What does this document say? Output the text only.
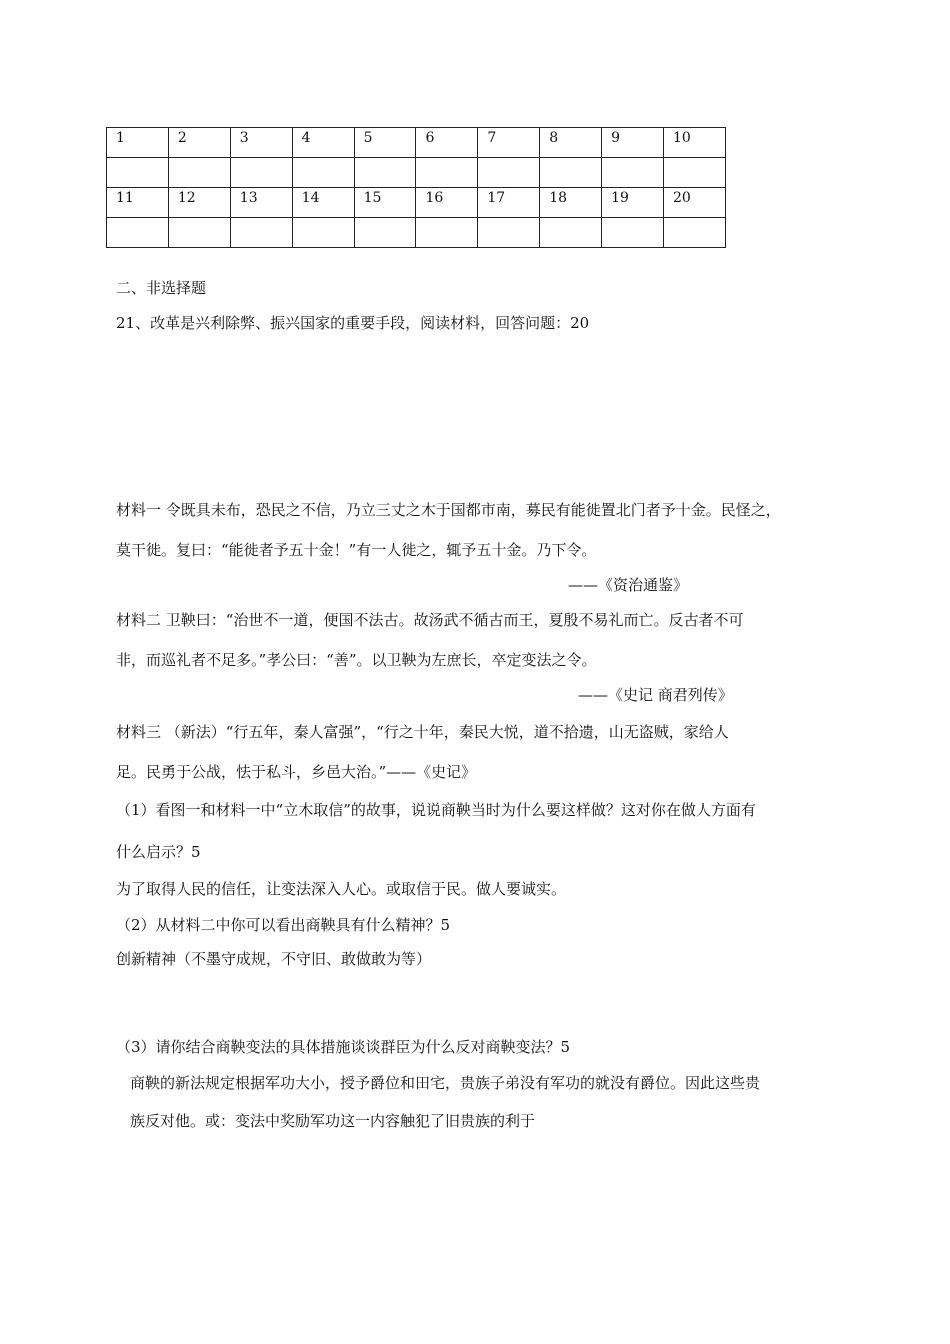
1	2	3	4	5	6	7	8	9	10

11	12	13	14	15	16	17	18	19	20

二、非选择题
21、改革是兴利除弊、振兴国家的重要手段，阅读材料，回答问题：20
材料一 令既具未布，恐民之不信，乃立三丈之木于国都市南，募民有能徙置北门者予十金。民怪之，
莫干徙。复曰：“能徙者予五十金！”有一人徙之，辄予五十金。乃下令。
——《资治通鉴》
材料二 卫鞅曰：“治世不一道，便国不法古。故汤武不循古而王，夏殷不易礼而亡。反古者不可
非，而巡礼者不足多。”孝公曰：“善”。以卫鞅为左庶长，卒定变法之令。
——《史记 商君列传》
材料三 （新法）“行五年，秦人富强”，“行之十年，秦民大悦，道不拾遗，山无盗贼，家给人
足。民勇于公战，怯于私斗，乡邑大治。”——《史记》
（1）看图一和材料一中“立木取信”的故事，说说商鞅当时为什么要这样做？这对你在做人方面有
什么启示？5
为了取得人民的信任，让变法深入人心。或取信于民。做人要诚实。
（2）从材料二中你可以看出商鞅具有什么精神？5
创新精神（不墨守成规，不守旧、敢做敢为等）
（3）请你结合商鞅变法的具体措施谈谈群臣为什么反对商鞅变法？5
商鞅的新法规定根据军功大小，授予爵位和田宅，贵族子弟没有军功的就没有爵位。因此这些贵
族反对他。或：变法中奖励军功这一内容触犯了旧贵族的利于
